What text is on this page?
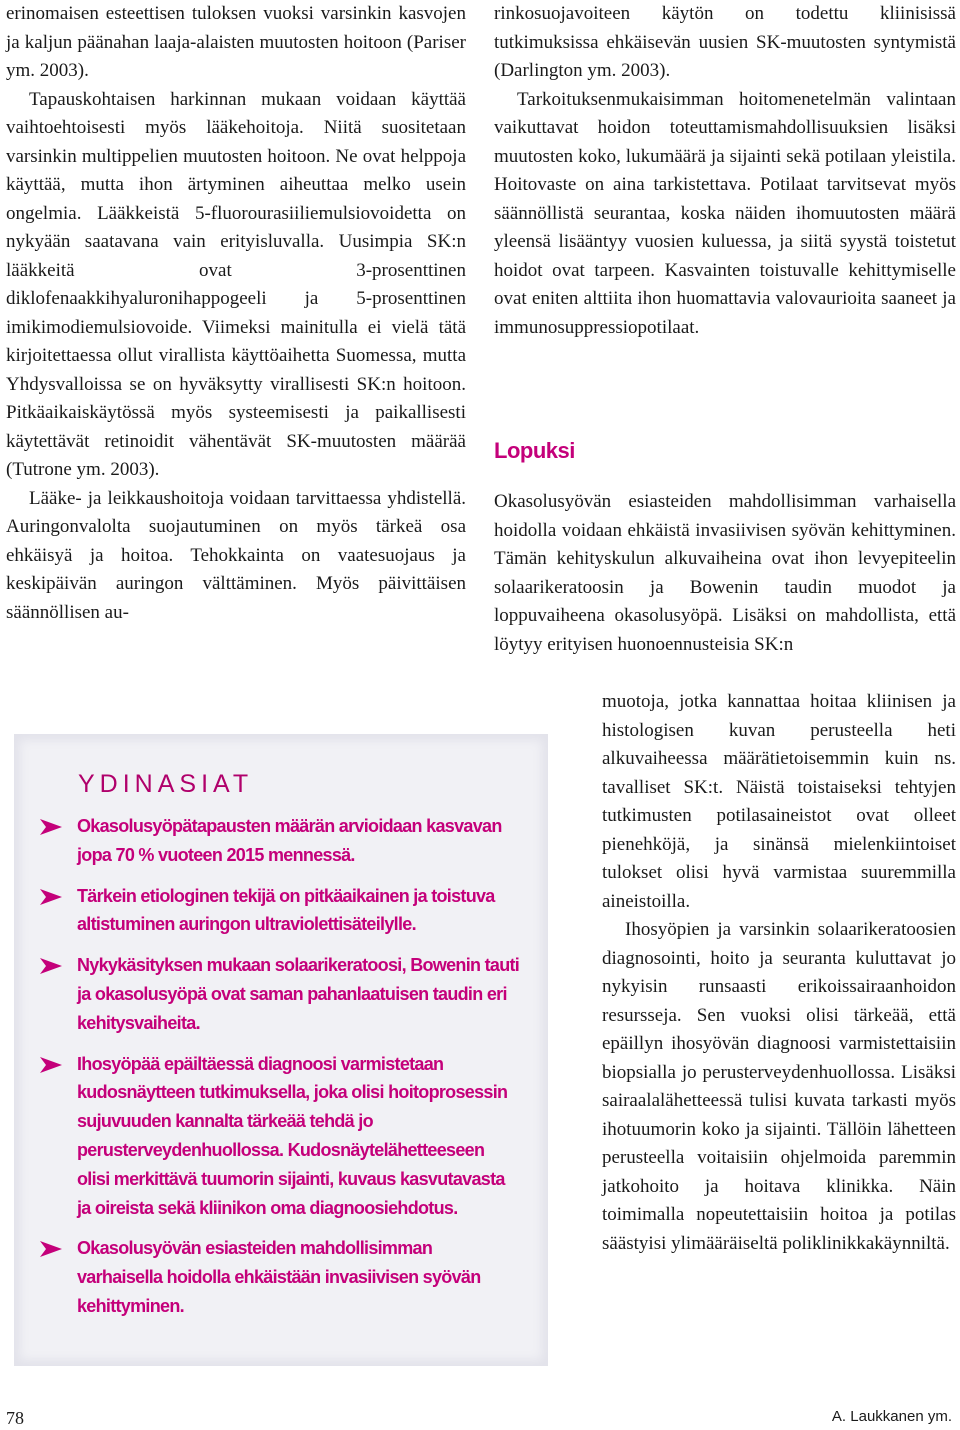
erinomaisen esteettisen tuloksen vuoksi varsinkin kasvojen ja kaljun päänahan laaja-alaisten muutosten hoitoon (Pariser ym. 2003).

Tapauskohtaisen harkinnan mukaan voidaan käyttää vaihtoehtoisesti myös lääkehoitoja. Niitä suositetaan varsinkin multippelien muutosten hoitoon. Ne ovat helppoja käyttää, mutta ihon ärtyminen aiheuttaa melko usein ongelmia. Lääkkeistä 5-fluorourasiiliemulsiovoidetta on nykyään saatavana vain erityisluvalla. Uusimpia SK:n lääkkeitä ovat 3-prosenttinen diklofenaakkihyaluronihappogeeli ja 5-prosenttinen imikimodiemulsiovoide. Viimeksi mainitulla ei vielä tätä kirjoitettaessa ollut virallista käyttöaihetta Suomessa, mutta Yhdysvalloissa se on hyväksytty virallisesti SK:n hoitoon. Pitkäaikaiskäytössä myös systeemisesti ja paikallisesti käytettävät retinoidit vähentävät SK-muutosten määrää (Tutrone ym. 2003).

Lääke- ja leikkaushoitoja voidaan tarvittaessa yhdistellä. Auringonvalolta suojautuminen on myös tärkeä osa ehkäisyä ja hoitoa. Tehokkainta on vaatesuojaus ja keskipäivän auringon välttäminen. Myös päivittäisen säännöllisen au-

rinkosuojavoiteen käytön on todettu kliinisissä tutkimuksissa ehkäisevän uusien SK-muutosten syntymistä (Darlington ym. 2003).

Tarkoituksenmukaisimman hoitomenetelmän valintaan vaikuttavat hoidon toteuttamismahdollisuuksien lisäksi muutosten koko, lukumäärä ja sijainti sekä potilaan yleistila. Hoitovaste on aina tarkistettava. Potilaat tarvitsevat myös säännöllistä seurantaa, koska näiden ihomuutosten määrä yleensä lisääntyy vuosien kuluessa, ja siitä syystä toistetut hoidot ovat tarpeen. Kasvainten toistuvalle kehittymiselle ovat eniten alttiita ihon huomattavia valovaurioita saaneet ja immunosuppressiopotilaat.

Lopuksi

Okasolusyövän esiasteiden mahdollisimman varhaisella hoidolla voidaan ehkäistä invasiivisen syövän kehittyminen. Tämän kehityskulun alkuvaiheina ovat ihon levyepiteelin solaarikeratoosin ja Bowenin taudin muodot ja loppuvaiheena okasolusyöpä. Lisäksi on mahdollista, että löytyy erityisen huonoennusteisia SK:n

muotoja, jotka kannattaa hoitaa kliinisen ja histologisen kuvan perusteella heti alkuvaiheessa määrätietoisemmin kuin ns. tavalliset SK:t. Näistä toistaiseksi tehtyjen tutkimusten potilasaineistot ovat olleet pienehköjä, ja sinänsä mielenkiintoiset tulokset olisi hyvä varmistaa suuremmilla aineistoilla.

Ihosyöpien ja varsinkin solaarikeratoosien diagnosointi, hoito ja seuranta kuluttavat jo nykyisin runsaasti erikoissairaanhoidon resursseja. Sen vuoksi olisi tärkeää, että epäillyn ihosyövän diagnoosi varmistettaisiin biopsialla jo perusterveydenhuollossa. Lisäksi sairaalalähetteessä tulisi kuvata tarkasti myös ihotuumorin koko ja sijainti. Tällöin lähetteen perusteella voitaisiin ohjelmoida paremmin jatkohoito ja hoitava klinikka. Näin toimimalla nopeutettaisiin hoitoa ja potilas säästyisi ylimääräiseltä poliklinikkakäynniltä.

YDINASIAT
Okasolusyöpätapausten määrän arvioidaan kasvavan jopa 70 % vuoteen 2015 mennessä.
Tärkein etiologinen tekijä on pitkäaikainen ja toistuva altistuminen auringon ultraviolettisäteilylle.
Nykykäsityksen mukaan solaarikeratoosi, Bowenin tauti ja okasolusyöpä ovat saman pahanlaatuisen taudin eri kehitysvaiheita.
Ihosyöpää epäiltäessä diagnoosi varmistetaan kudosnäytteen tutkimuksella, joka olisi hoitoprosessin sujuvuuden kannalta tärkeää tehdä jo perusterveydenhuollossa. Kudosnäytelähetteeseen olisi merkittävä tuumorin sijainti, kuvaus kasvutavasta ja oireista sekä kliinikon oma diagnoosiehdotus.
Okasolusyövän esiasteiden mahdollisimman varhaisella hoidolla ehkäistään invasiivisen syövän kehittyminen.
78	A. Laukkanen ym.
